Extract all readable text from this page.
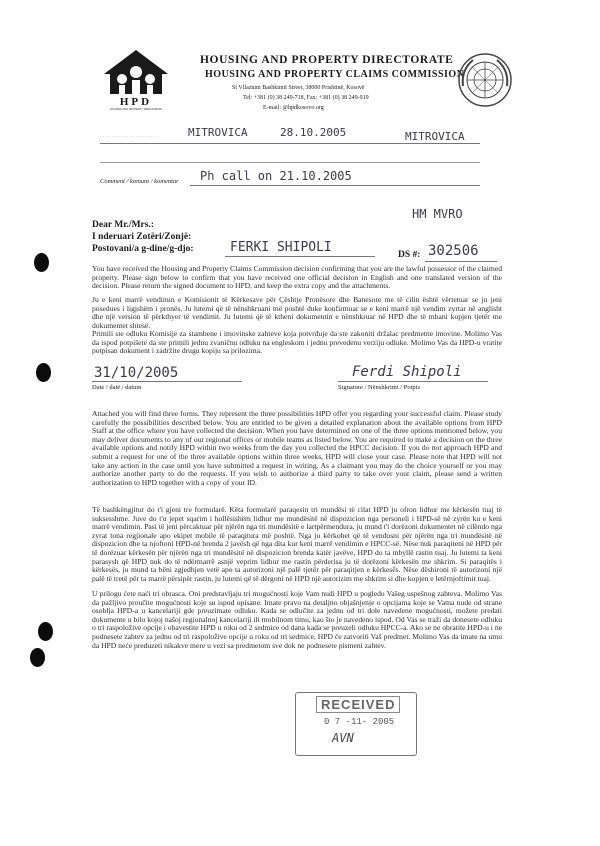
HPD
HOUSING AND PROPERTY DIRECTORATE
HOUSING AND PROPERTY DIRECTORATE
HOUSING AND PROPERTY CLAIMS COMMISSION
St Vllaznim Bashkimit Street, 38000 Prishtinë, Kosovë
Tel: +381 (0) 38 249-718, Fax: +381 (0) 38 249-919
E-mail: @hpdkosovo.org
. . . . . . . . . . . . . . . . . . .	MITROVICA	28.10.2005	MITROVICA
Comment / komunt / komentar Ph call on 21.10.2005
HM MVRO
Dear Mr./Mrs.:
I nderuari Zotëri/Zonjë:
Postovani/a g-dine/g-djo:	FERKI SHIPOLI	DS #: 302506
You have received the Housing and Property Claims Commission decision confirming that you are the lawful possessor of the claimed property. Please sign below to confirm that you have received one official decision in English and one translated version of the decision. Please return the signed document to HPD, and keep the extra copy and the attachments.
Ju e keni marrë vendimin e Komisionit të Kërkesave për Çështje Pronësore dhe Banesore me të cilin është vërtetuar se ju jeni posedues i ligjshëm i pronës. Ju lutemi që të nënshkruani më poshtë duke konfirmuar se e keni marrë një vendim zyrtar në anglisht dhe një version të përkthyer të vendimit. Ju lutemi që të ktheni dokumentin e nënshkruar në HPD dhe të mbani kopjen tjetër me dokumentet shtesë.
Primili ste odluku Komisije za stambene i imovinske zahteve koja potvrđuje da ste zakoniti držalac predmetne imovine. Molimo Vas da ispod potpišete da ste primili jednu zvaničnu odluku na engleskom i jednu prevedenu verziju odluke. Molimo Vas da HPD-u vratite potpisan dokument i zadržite drugu kopiju sa prilozima.
31/10/2005
Date / datë / datum
Ferdi Shipoli
Signature / Nënshkrimi / Potpis
Attached you will find three forms. They represent the three possibilities HPD offer you regarding your successful claim. Please study carefully the possibilities described below. You are entitled to be given a detailed explanation about the available options from HPD Staff at the office where you have collected the decision. When you have determined on one of the three options mentioned below, you may deliver documents to any of our regional offices or mobile teams as listed below. You are required to make a decision on the three available options and notify HPD within two weeks from the day you collected the HPCC decision. If you do not approach HPD and submit a request for one of the three available options within three weeks, HPD will close your case. Please note that HPD will not take any action in the case until you have submitted a request in writing. As a claimant you may do the choice yourself or you may authorize another party to do the requests. If you wish to authorize a third party to take over your claim, please send a written authorization to HPD together with a copy of your ID.
Të bashkëngjitur do t'i gjeni tre formularë. Këta formularë paraqesin tri mundësi të cilat HPD ju ofron lidhur me kërkesën tuaj të suksesshme. Juve do t'u jepet sqarim i hollësishëm lidhur me mundësitë në dispozicion nga personeli i HPD-së në zyrën ku e keni marrë vendimin. Pasi të jeni përcaktuar për njërën nga tri mundësitë e lartpërmendura, ju mund t'i dorëzoni dokumentet në cilëndo nga zyrat tona regjionale apo ekipet mobile të paraqitura më poshtë. Nga ju kërkohet që të vendosni për njërën nga tri mundësitë në dispozicion dhe ta njoftoni HPD-në brenda 2 javësh që nga dita kur keni marrë vendimin e HPCC-së. Nëse nuk paraqiteni në HPD për të dorëzuar kërkesën për njërën nga tri mundësitë në dispozicion brenda katër javëve, HPD do ta mbyllë rastin tuaj. Ju lutemi ta keni parasysh që HPD nuk do të ndërmarrë asnjë veprim lidhur me rastin përderisa ju të dorëzoni kërkesën me shkrim. Si paraqitës i kërkesës, ju mund ta bëni zgjedhjen vetë apo ta autorizoni një palë tjetër për paraqitjen e kërkesës. Nëse dëshironi të autorizoni një palë të tretë për ta marrë përsipër rastin, ju lutemi që të dërgoni në HPD një autorizim me shkrim si dhe kopjen e letërnjoftimit tuaj.
U prilogu ćete naći tri obrasca. Oni predstavljaju tri mogućnosti koje Vam nudi HPD u pogledu Vašeg uspešnog zahteva. Molimo Vas da pažljivo proučite mogućnosti koje su ispod opisane. Imate pravo na detaljno objašnjenje o opcijama koje se Vama nude od strane osoblja HPD-a u kancelariji gde preuzimate odluku. Kada se odlučite za jednu od tri dole navedene mogućnosti, možete predati dokumente u bilo kojoj našoj regionalnoj kancelariji ili mobilnom timu, kao što je navedeno ispod. Od Vas se traži da donesete odluku o tri raspoložive opcije i obavestite HPD u roku od 2 sedmice od dana kada se preuzeli odluku HPCC-a. Ako se ne obratite HPD-u i ne podnesete zahtev za jednu od tri raspoložive opcije u roku od tri sedmice, HPD će zatvoriti Vaš predmet. Molimo Vas da imate na umu da HPD neće preduzeti nikakve mere u vezi sa predmetom sve dok ne podnesete pismeni zahtev.
RECEIVED
0 7 -11- 2005
AVN
